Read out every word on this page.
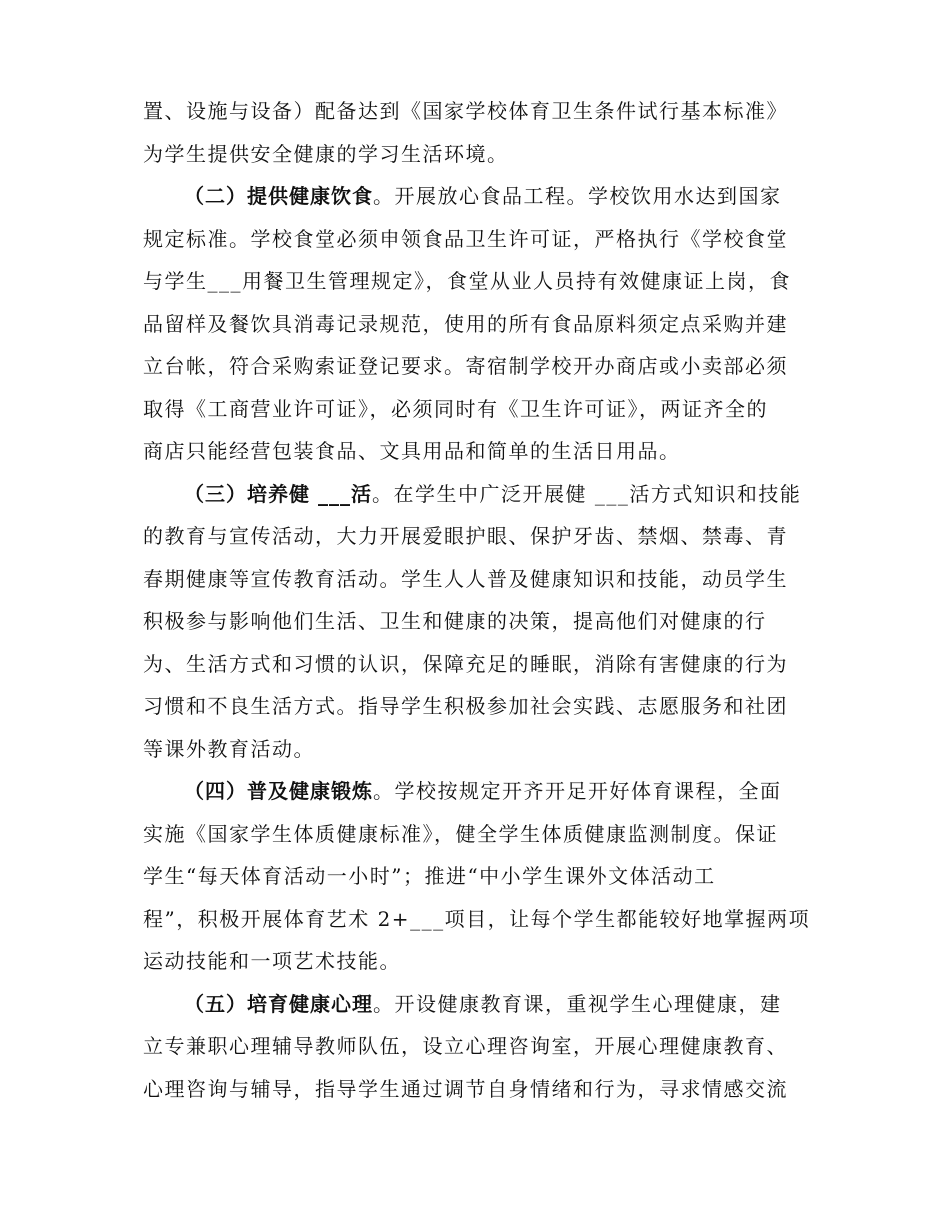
置、设施与设备）配备达到《国家学校体育卫生条件试行基本标准》
为学生提供安全健康的学习生活环境。
（二）提供健康饮食。开展放心食品工程。学校饮用水达到国家
规定标准。学校食堂必须申领食品卫生许可证，严格执行《学校食堂
与学生___用餐卫生管理规定》，食堂从业人员持有效健康证上岗，食
品留样及餐饮具消毒记录规范，使用的所有食品原料须定点采购并建
立台帐，符合采购索证登记要求。寄宿制学校开办商店或小卖部必须
取得《工商营业许可证》，必须同时有《卫生许可证》，两证齐全的
商店只能经营包装食品、文具用品和简单的生活日用品。
（三）培养健 ___活。在学生中广泛开展健 ___活方式知识和技能
的教育与宣传活动，大力开展爱眼护眼、保护牙齿、禁烟、禁毒、青
春期健康等宣传教育活动。学生人人普及健康知识和技能，动员学生
积极参与影响他们生活、卫生和健康的决策，提高他们对健康的行
为、生活方式和习惯的认识，保障充足的睡眠，消除有害健康的行为
习惯和不良生活方式。指导学生积极参加社会实践、志愿服务和社团
等课外教育活动。
（四）普及健康锻炼。学校按规定开齐开足开好体育课程，全面
实施《国家学生体质健康标准》，健全学生体质健康监测制度。保证
学生“每天体育活动一小时”；推进“中小学生课外文体活动工
程”，积极开展体育艺术 2+___项目，让每个学生都能较好地掌握两项
运动技能和一项艺术技能。
（五）培育健康心理。开设健康教育课，重视学生心理健康，建
立专兼职心理辅导教师队伍，设立心理咨询室，开展心理健康教育、
心理咨询与辅导，指导学生通过调节自身情绪和行为，寻求情感交流
